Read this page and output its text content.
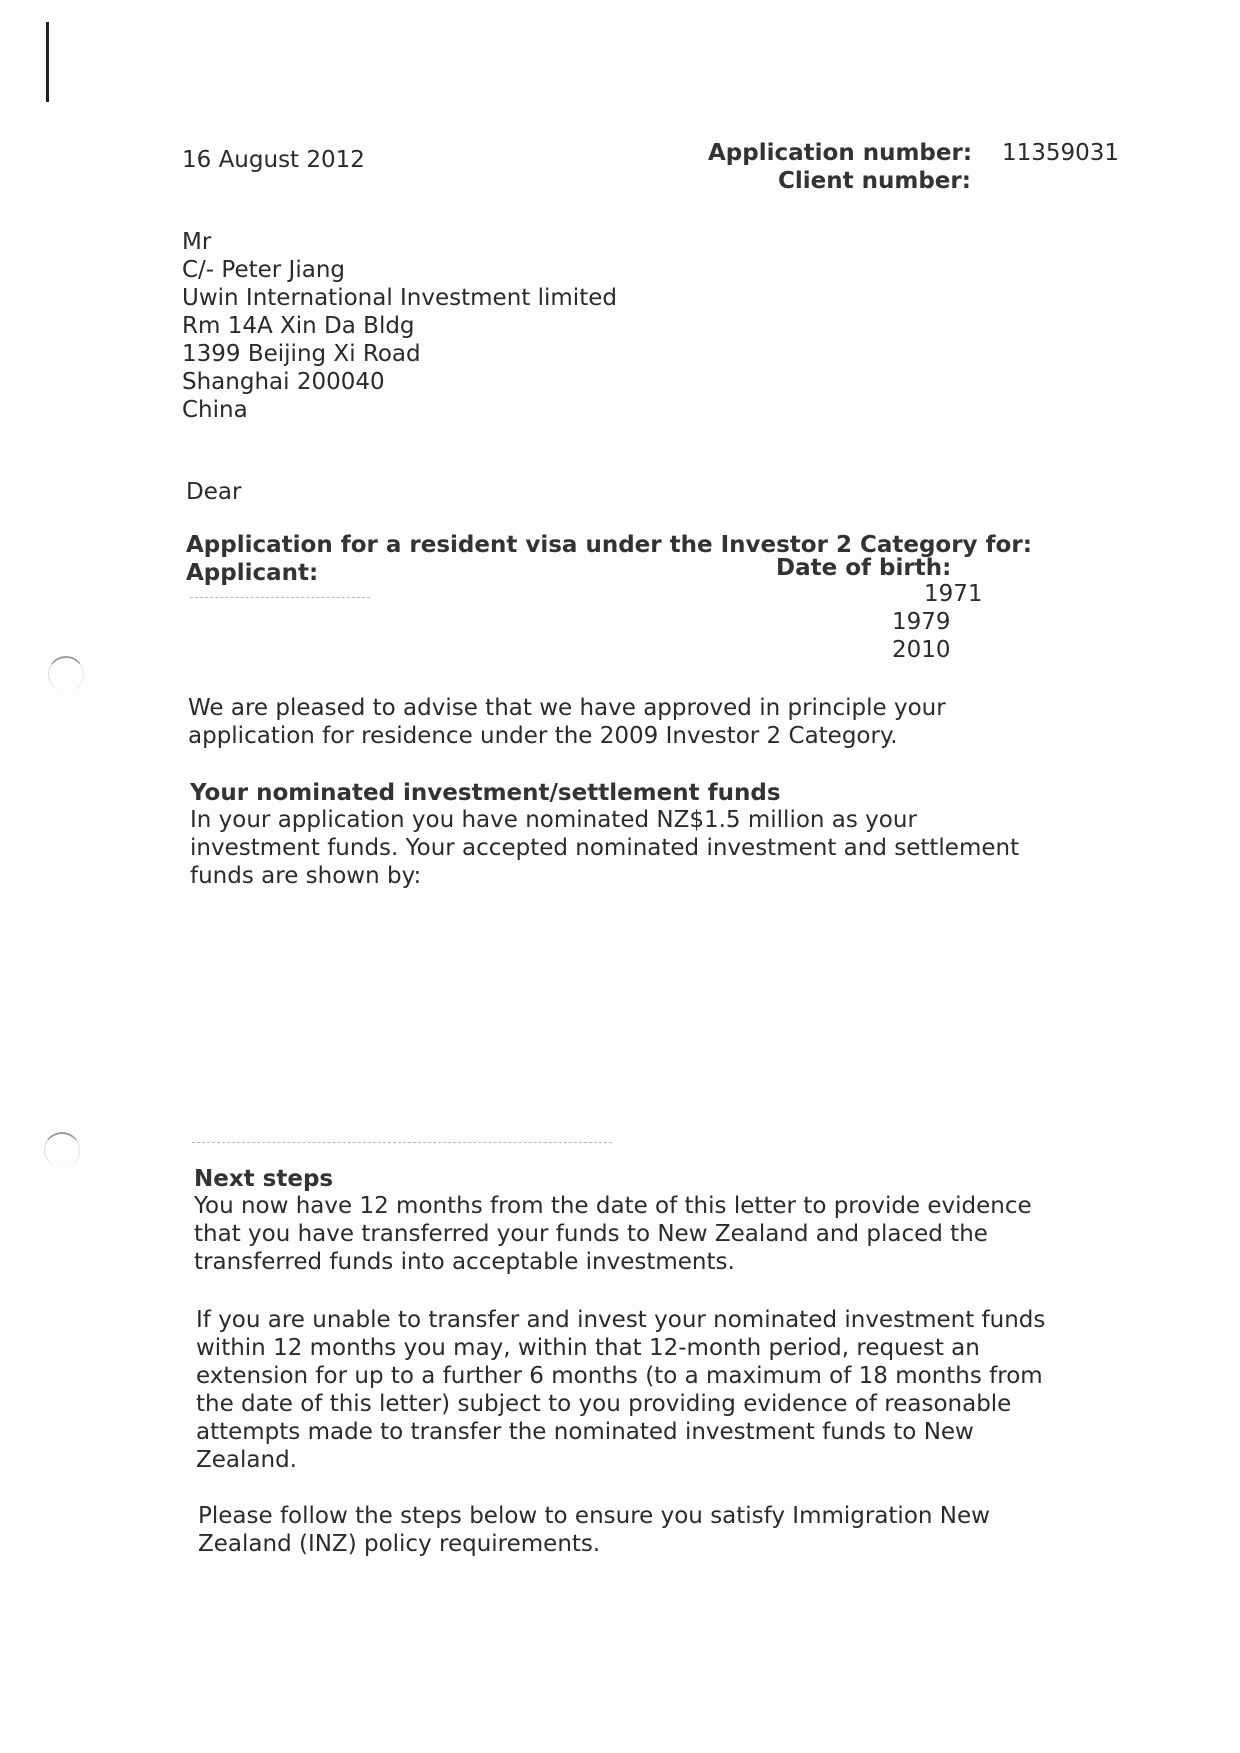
16 August 2012	Application number: 11359031
Client number:
Mr
C/- Peter Jiang
Uwin International Investment limited
Rm 14A Xin Da Bldg
1399 Beijing Xi Road
Shanghai 200040
China
Dear
Application for a resident visa under the Investor 2 Category for:
Applicant:	Date of birth:
1971
1979
2010
We are pleased to advise that we have approved in principle your
application for residence under the 2009 Investor 2 Category.
Your nominated investment/settlement funds
In your application you have nominated NZ$1.5 million as your
investment funds. Your accepted nominated investment and settlement
funds are shown by:
Next steps
You now have 12 months from the date of this letter to provide evidence
that you have transferred your funds to New Zealand and placed the
transferred funds into acceptable investments.
If you are unable to transfer and invest your nominated investment funds
within 12 months you may, within that 12-month period, request an
extension for up to a further 6 months (to a maximum of 18 months from
the date of this letter) subject to you providing evidence of reasonable
attempts made to transfer the nominated investment funds to New
Zealand.
Please follow the steps below to ensure you satisfy Immigration New
Zealand (INZ) policy requirements.
